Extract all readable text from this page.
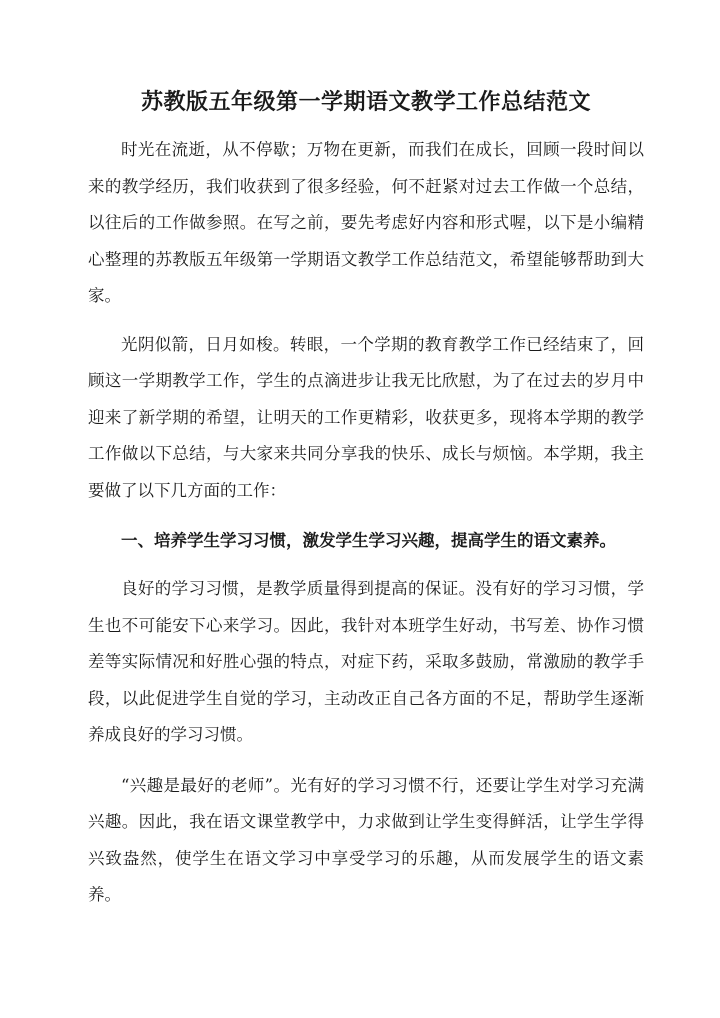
苏教版五年级第一学期语文教学工作总结范文

时光在流逝，从不停歇；万物在更新，而我们在成长，回顾一段时间以来的教学经历，我们收获到了很多经验，何不赶紧对过去工作做一个总结，以往后的工作做参照。在写之前，要先考虑好内容和形式喔，以下是小编精心整理的苏教版五年级第一学期语文教学工作总结范文，希望能够帮助到大家。

光阴似箭，日月如梭。转眼，一个学期的教育教学工作已经结束了，回顾这一学期教学工作，学生的点滴进步让我无比欣慰，为了在过去的岁月中迎来了新学期的希望，让明天的工作更精彩，收获更多，现将本学期的教学工作做以下总结，与大家来共同分享我的快乐、成长与烦恼。本学期，我主要做了以下几方面的工作：

一、培养学生学习习惯，激发学生学习兴趣，提高学生的语文素养。

良好的学习习惯，是教学质量得到提高的保证。没有好的学习习惯，学生也不可能安下心来学习。因此，我针对本班学生好动，书写差、协作习惯差等实际情况和好胜心强的特点，对症下药，采取多鼓励，常激励的教学手段，以此促进学生自觉的学习，主动改正自己各方面的不足，帮助学生逐渐养成良好的学习习惯。

“兴趣是最好的老师”。光有好的学习习惯不行，还要让学生对学习充满兴趣。因此，我在语文课堂教学中，力求做到让学生变得鲜活，让学生学得兴致盎然，使学生在语文学习中享受学习的乐趣，从而发展学生的语文素养。
